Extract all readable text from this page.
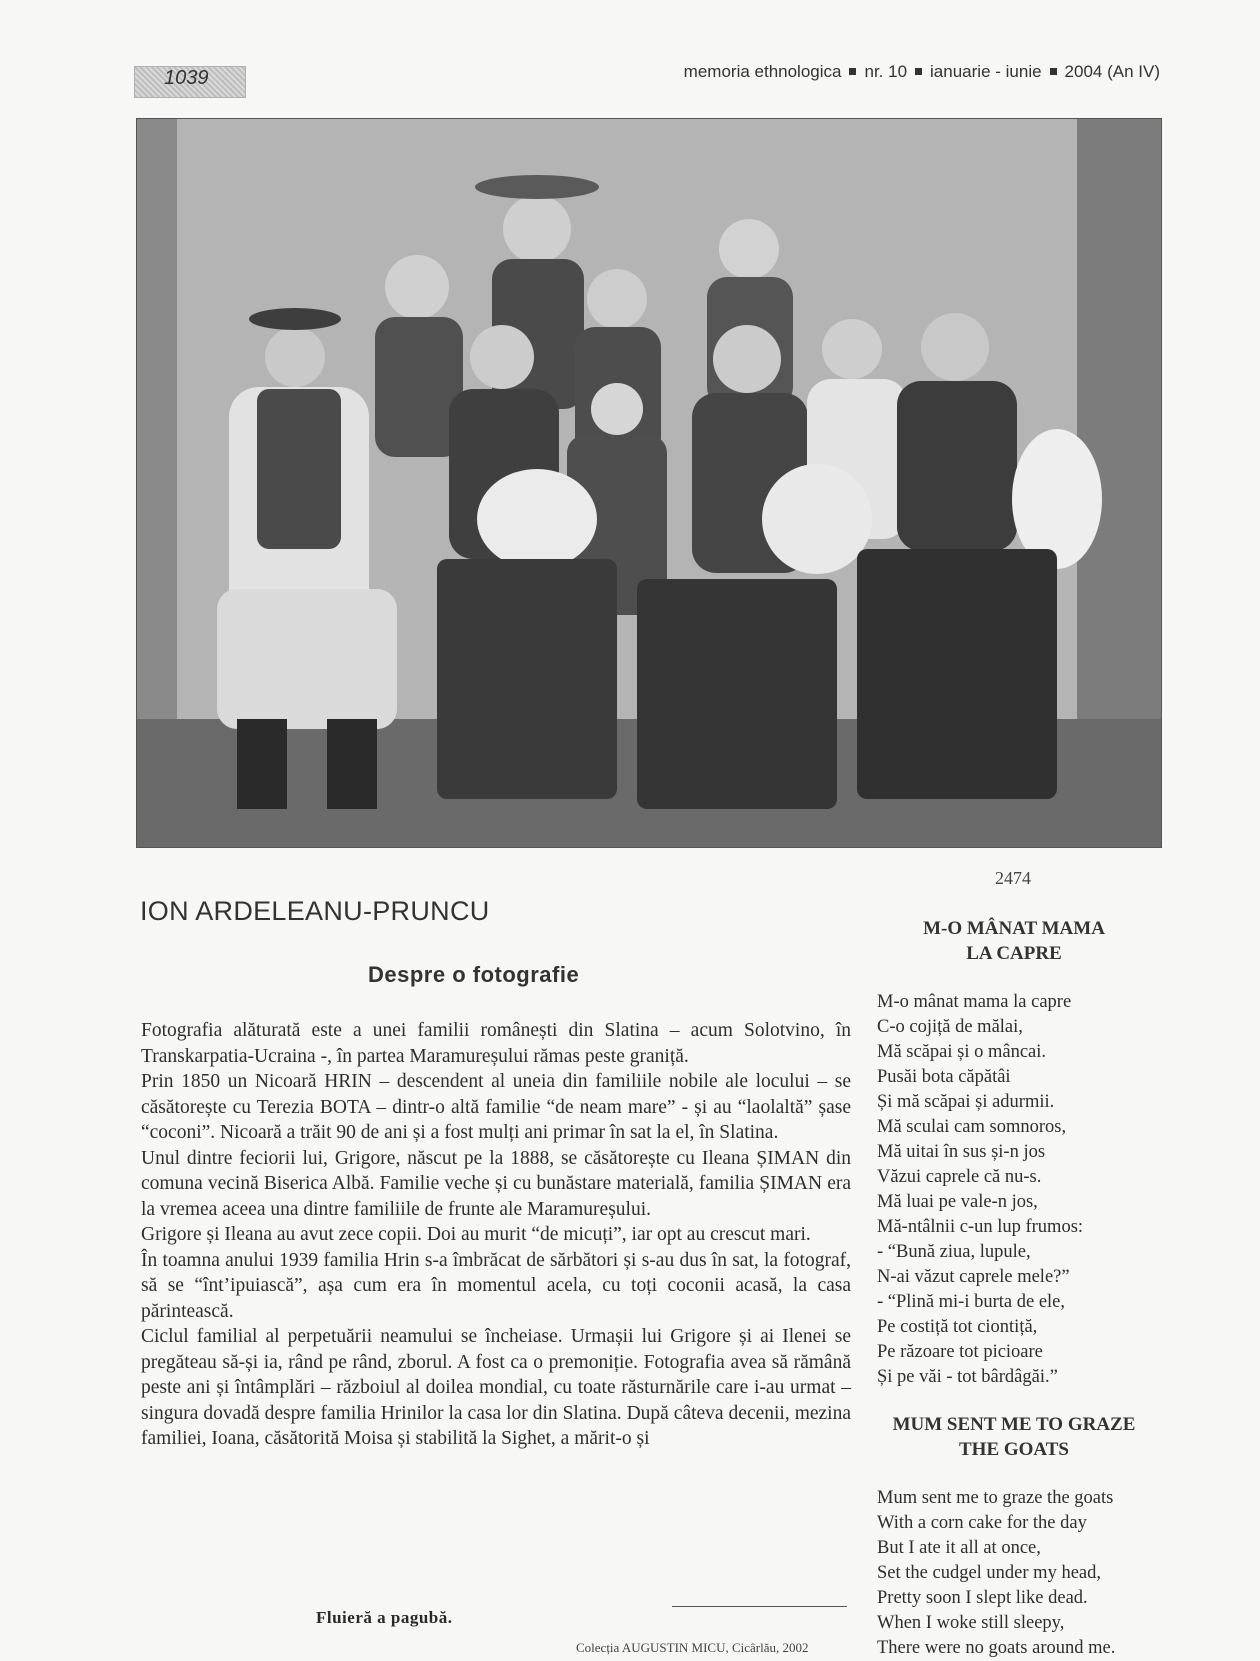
1039	memoria ethnologica nr. 10 ianuarie - iunie 2004 (An IV)
2474
ION ARDELEANU-PRUNCU
Despre o fotografie

Fotografia alăturată este a unei familii românești din Slatina – acum Solotvino, în Transkarpatia-Ucraina -, în partea Maramureșului rămas peste graniță.

Prin 1850 un Nicoară HRIN – descendent al uneia din familiile nobile ale locului – se căsătorește cu Terezia BOTA – dintr-o altă familie “de neam mare” - și au “laolaltă” șase “coconi”. Nicoară a trăit 90 de ani și a fost mulți ani primar în sat la el, în Slatina.

Unul dintre feciorii lui, Grigore, născut pe la 1888, se căsătorește cu Ileana ȘIMAN din comuna vecină Biserica Albă. Familie veche și cu bunăstare materială, familia ȘIMAN era la vremea aceea una dintre familiile de frunte ale Maramureșului.

Grigore și Ileana au avut zece copii. Doi au murit “de micuți”, iar opt au crescut mari.

În toamna anului 1939 familia Hrin s-a îmbrăcat de sărbători și s-au dus în sat, la fotograf, să se “înt’ipuiască”, așa cum era în momentul acela, cu toți coconii acasă, la casa părintească.

Ciclul familial al perpetuării neamului se încheiase. Urmașii lui Grigore și ai Ilenei se pregăteau să-și ia, rând pe rând, zborul. A fost ca o premoniție. Fotografia avea să rămână peste ani și întâmplări – războiul al doilea mondial, cu toate răsturnările care i-au urmat – singura dovadă despre familia Hrinilor la casa lor din Slatina. După câteva decenii, mezina familiei, Ioana, căsătorită Moisa și stabilită la Sighet, a mărit-o și

Fluieră a pagubă.
Colecția AUGUSTIN MICU, Cicârlău, 2002
M-O MÂNAT MAMA
LA CAPRE
M-o mânat mama la capre
C-o cojiță de mălai,
Mă scăpai și o mâncai.
Pusăi bota căpătâi
Și mă scăpai și adurmii.
Mă sculai cam somnoros,
Mă uitai în sus și-n jos
Văzui caprele că nu-s.
Mă luai pe vale-n jos,
Mă-ntâlnii c-un lup frumos:
- “Bună ziua, lupule,
N-ai văzut caprele mele?”
- “Plină mi-i burta de ele,
Pe costiță tot ciontiță,
Pe răzoare tot picioare
Și pe văi - tot bârdâgăi.”
MUM SENT ME TO GRAZE
THE GOATS
Mum sent me to graze the goats
With a corn cake for the day
But I ate it all at once,
Set the cudgel under my head,
Pretty soon I slept like dead.
When I woke still sleepy,
There were no goats around me.
